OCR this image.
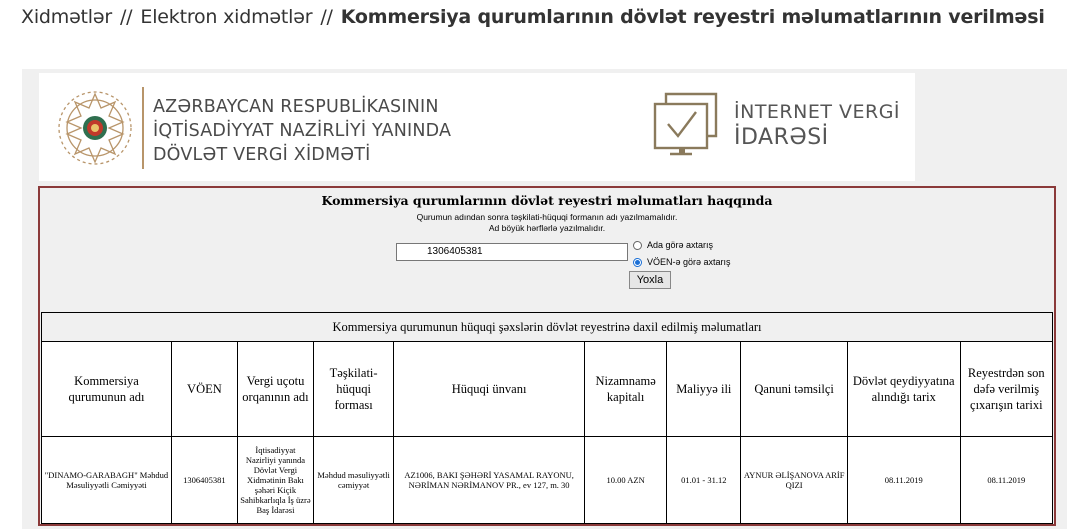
Xidmətlər // Elektron xidmətlər // Kommersiya qurumlarının dövlət reyestri məlumatlarının verilməsi
AZƏRBAYCAN RESPUBLİKASININ
İQTİSADİYYAT NAZİRLİYİ YANINDA
DÖVLƏT VERGİ XİDMƏTİ
İNTERNET VERGİ
İDARƏSİ
Kommersiya qurumlarının dövlət reyestri məlumatları haqqında
Qurumun adından sonra təşkilati-hüquqi formanın adı yazılmamalıdır.
Ad böyük hərflərlə yazılmalıdır.
1306405381
Ada görə axtarış
VÖEN-ə görə axtarış
Yoxla
Kommersiya qurumunun hüquqi şəxslərin dövlət reyestrinə daxil edilmiş məlumatları									
Kommersiya qurumunun adı	VÖEN	Vergi uçotu orqanının adı	Təşkilati-hüquqi forması	Hüquqi ünvanı	Nizamnamə kapitalı	Maliyyə ili	Qanuni təmsilçi	Dövlət qeydiyyatına alındığı tarix	Reyestrdən son dəfə verilmiş çıxarışın tarixi
"DINAMO-GARABAGH" Məhdud Məsuliyyətli Cəmiyyəti	1306405381	İqtisadiyyat Nazirliyi yanında Dövlət Vergi Xidmətinin Bakı şəhəri Kiçik Sahibkarlıqla İş üzrə Baş İdarəsi	Məhdud məsuliyyətli cəmiyyət	AZ1006, BAKI ŞƏHƏRİ YASAMAL RAYONU, NƏRİMAN NƏRİMANOV PR., ev 127, m. 30	10.00 AZN	01.01 - 31.12	AYNUR ƏLİŞANOVA ARİF QIZI	08.11.2019	08.11.2019
